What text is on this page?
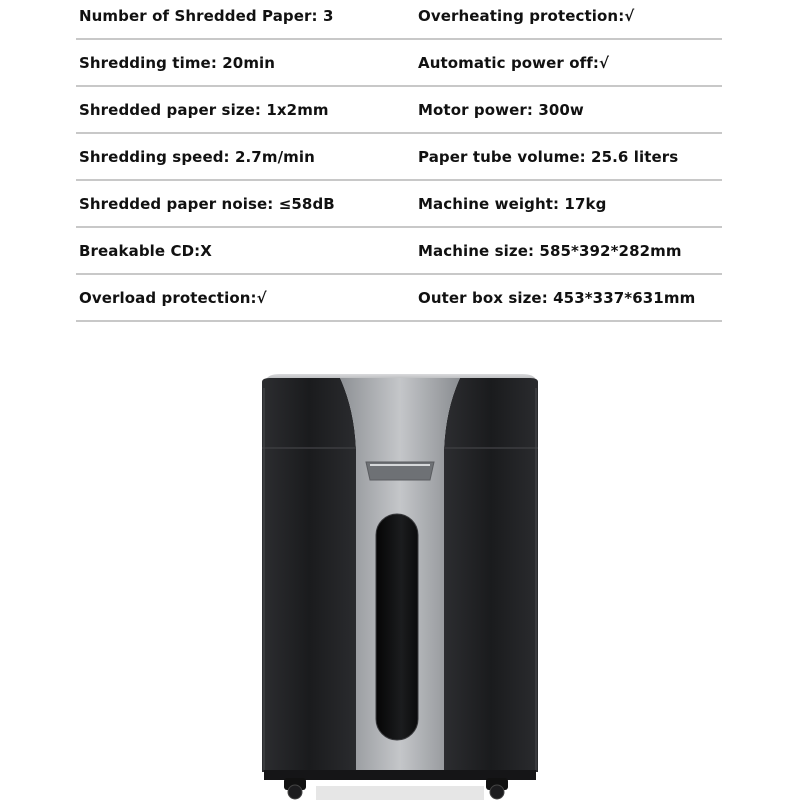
Number of Shredded Paper: 3	Overheating protection:√
Shredding time: 20min	Automatic power off:√
Shredded paper size: 1x2mm	Motor power: 300w
Shredding speed: 2.7m/min	Paper tube volume: 25.6 liters
Shredded paper noise: ≤58dB	Machine weight: 17kg
Breakable CD:X	Machine size: 585*392*282mm
Overload protection:√	Outer box size: 453*337*631mm
